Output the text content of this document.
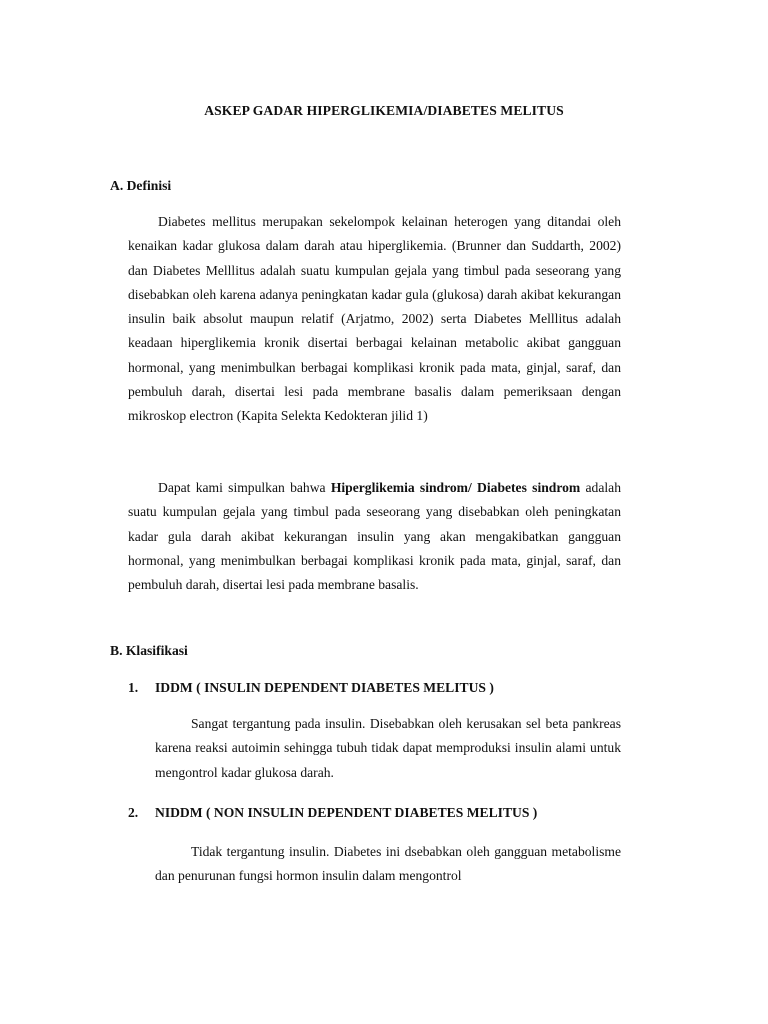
ASKEP GADAR HIPERGLIKEMIA/DIABETES MELITUS
A. Definisi

Diabetes mellitus merupakan sekelompok kelainan heterogen yang ditandai oleh kenaikan kadar glukosa dalam darah atau hiperglikemia. (Brunner dan Suddarth, 2002) dan Diabetes Melllitus adalah suatu kumpulan gejala yang timbul pada seseorang yang disebabkan oleh karena adanya peningkatan kadar gula (glukosa) darah akibat kekurangan insulin baik absolut maupun relatif (Arjatmo, 2002) serta Diabetes Melllitus adalah keadaan hiperglikemia kronik disertai berbagai kelainan metabolic akibat gangguan hormonal, yang menimbulkan berbagai komplikasi kronik pada mata, ginjal, saraf, dan pembuluh darah, disertai lesi pada membrane basalis dalam pemeriksaan dengan mikroskop electron (Kapita Selekta Kedokteran jilid 1)

Dapat kami simpulkan bahwa Hiperglikemia sindrom/ Diabetes sindrom adalah suatu kumpulan gejala yang timbul pada seseorang yang disebabkan oleh peningkatan kadar gula darah akibat kekurangan insulin yang akan mengakibatkan gangguan hormonal, yang menimbulkan berbagai komplikasi kronik pada mata, ginjal, saraf, dan pembuluh darah, disertai lesi pada membrane basalis.

B. Klasifikasi
1. IDDM ( INSULIN DEPENDENT DIABETES MELITUS )

Sangat tergantung pada insulin. Disebabkan oleh kerusakan sel beta pankreas karena reaksi autoimin sehingga tubuh tidak dapat memproduksi insulin alami untuk mengontrol kadar glukosa darah.

2. NIDDM ( NON INSULIN DEPENDENT DIABETES MELITUS )

Tidak tergantung insulin. Diabetes ini dsebabkan oleh gangguan metabolisme dan penurunan fungsi hormon insulin dalam mengontrol
